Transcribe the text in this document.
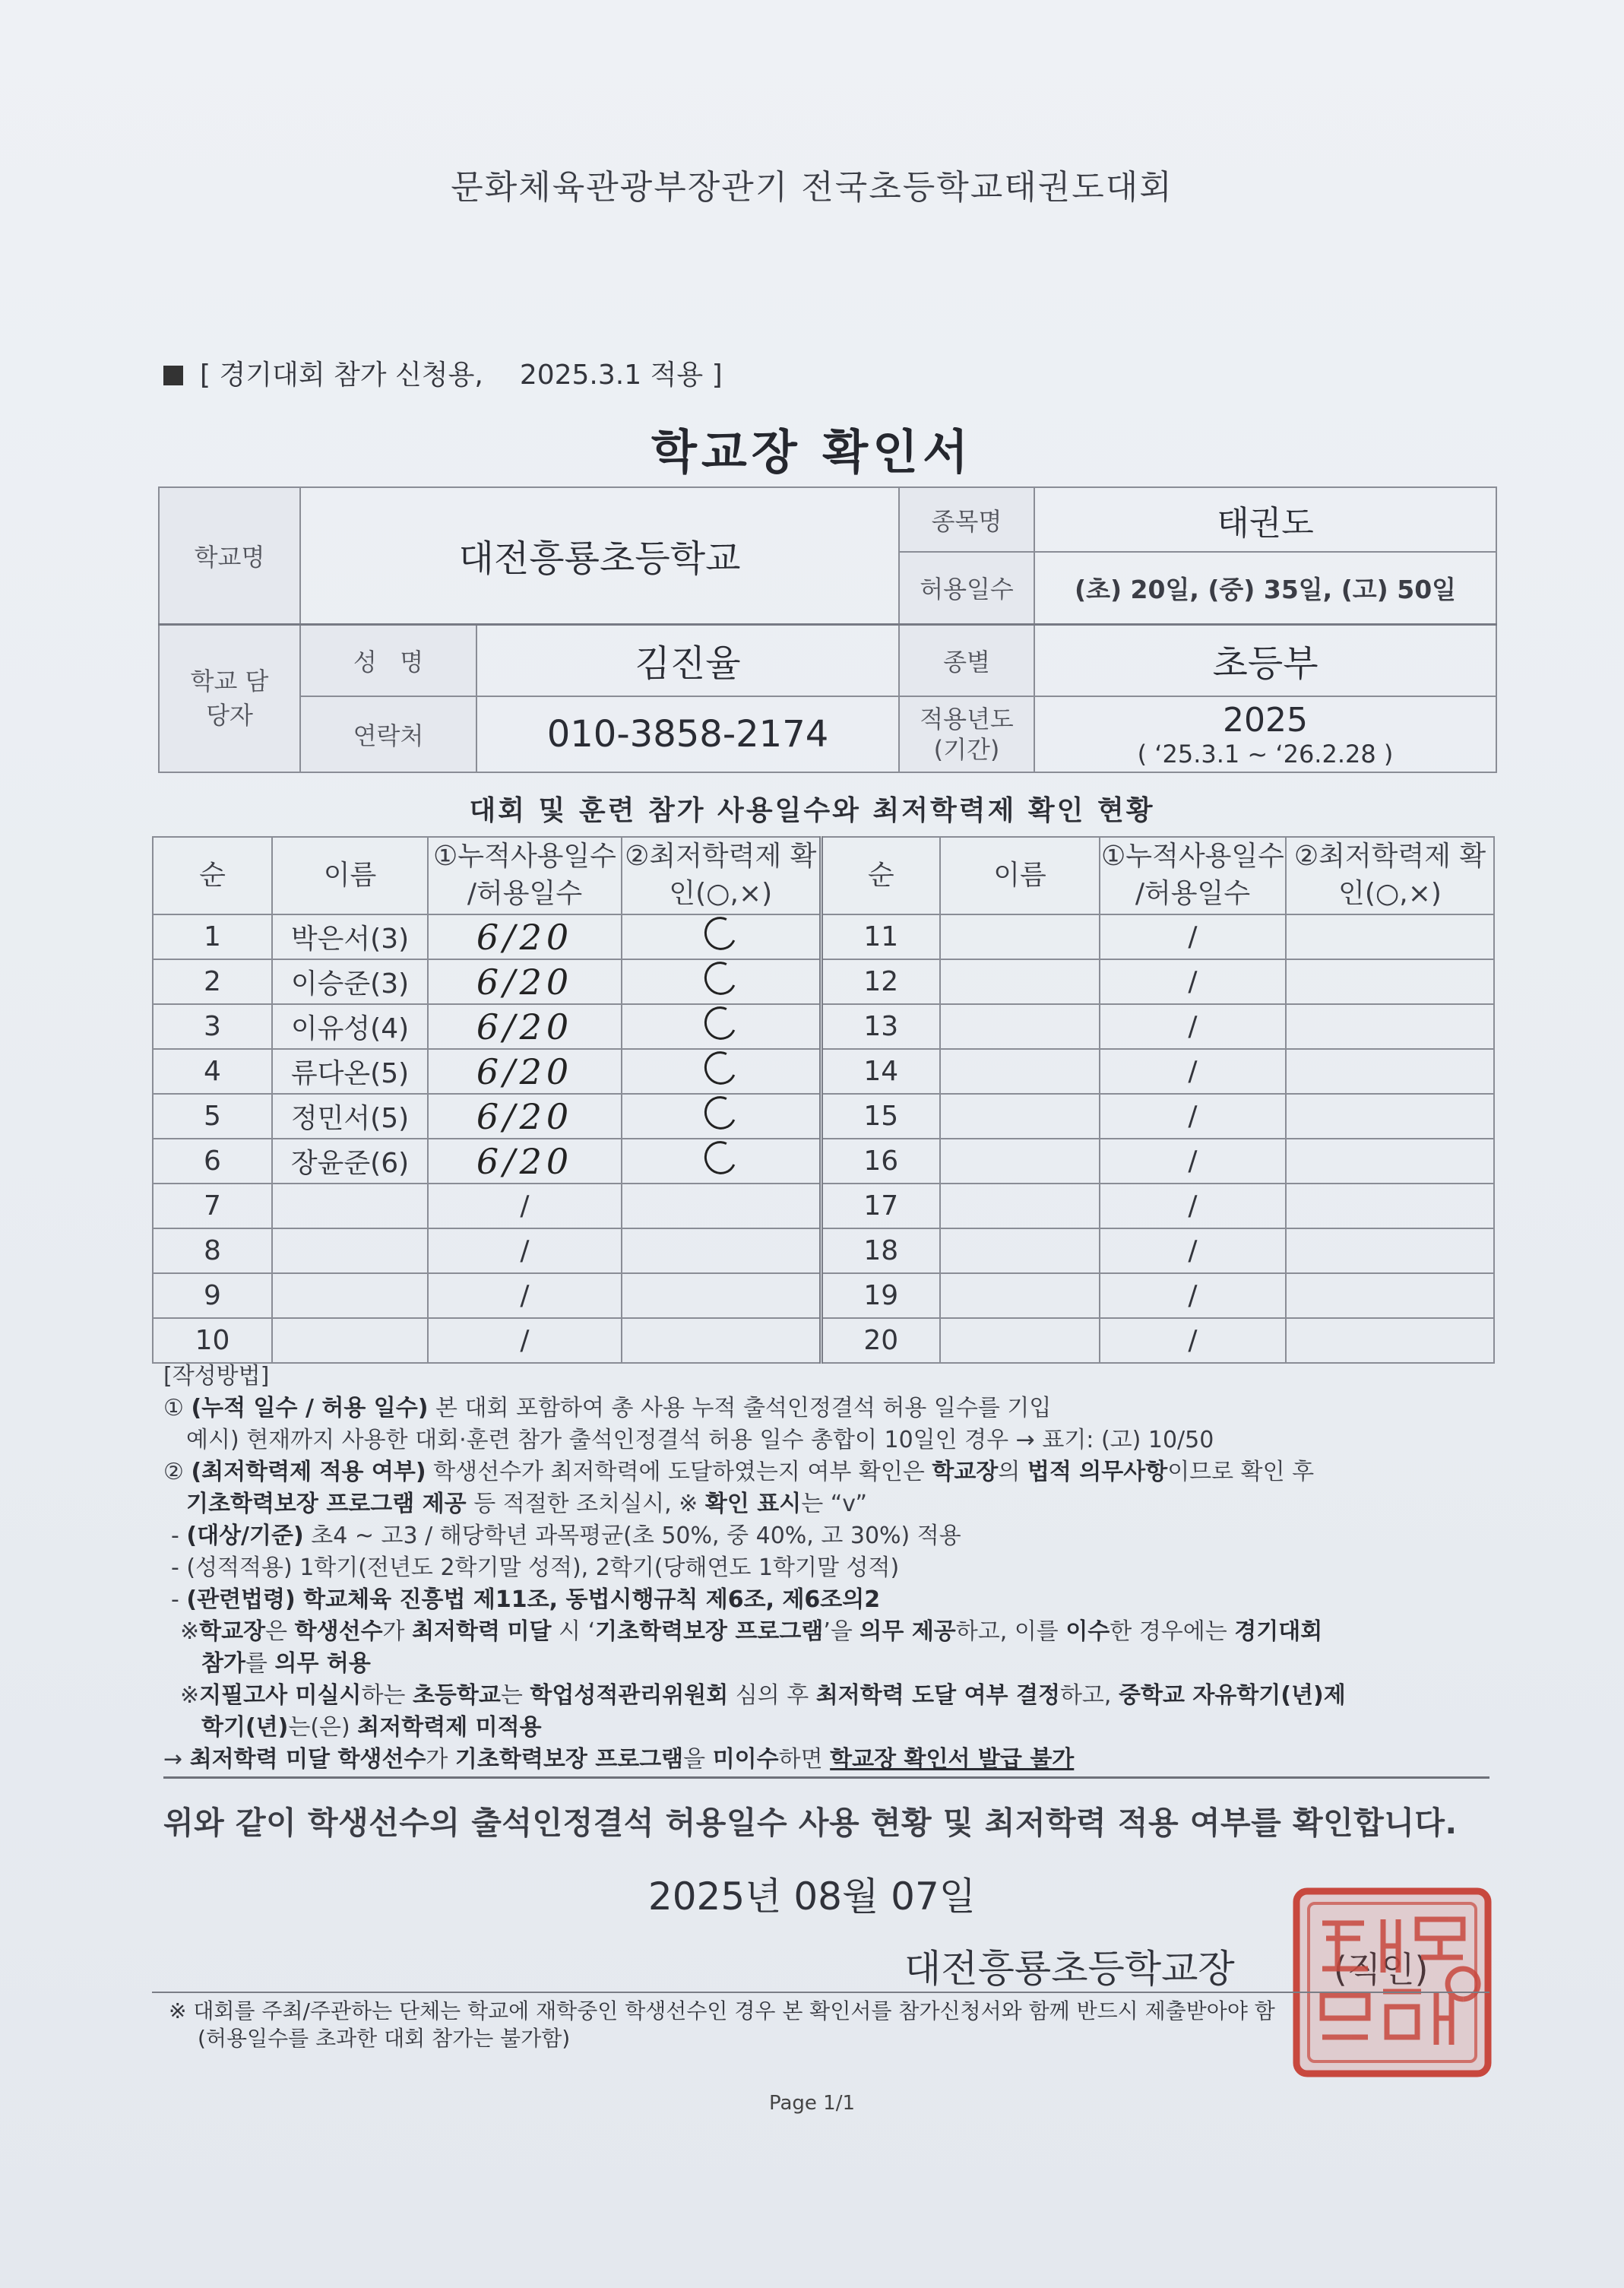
문화체육관광부장관기 전국초등학교태권도대회
[ 경기대회 참가 신청용, 2025.3.1 적용 ]
학교장 확인서
학교명	대전흥룡초등학교		종목명	태권도
			허용일수	(초) 20일, (중) 35일, (고) 50일
학교 담당자	성   명	김진율	종별	초등부
	연락처	010-3858-2174	적용년도 (기간)	2025
( ‘25.3.1 ~ ‘26.2.28 )
대회 및 훈련 참가 사용일수와 최저학력제 확인 현황
순	이름	①누적사용일수 /허용일수	②최저학력제 확인(○,×)	순	이름	①누적사용일수 /허용일수	②최저학력제 확인(○,×)
1	박은서(3)	6/20		11		/	
2	이승준(3)	6/20		12		/	
3	이유성(4)	6/20		13		/	
4	류다온(5)	6/20		14		/	
5	정민서(5)	6/20		15		/	
6	장윤준(6)	6/20		16		/	
7		/		17		/	
8		/		18		/	
9		/		19		/	
10		/		20		/	
[작성방법]
① (누적 일수 / 허용 일수) 본 대회 포함하여 총 사용 누적 출석인정결석 허용 일수를 기입
예시) 현재까지 사용한 대회·훈련 참가 출석인정결석 허용 일수 총합이 10일인 경우 → 표기: (고) 10/50
② (최저학력제 적용 여부) 학생선수가 최저학력에 도달하였는지 여부 확인은 학교장의 법적 의무사항이므로 확인 후
기초학력보장 프로그램 제공 등 적절한 조치실시, ※ 확인 표시는 “v”
- (대상/기준) 초4 ~ 고3 / 해당학년 과목평균(초 50%, 중 40%, 고 30%) 적용
- (성적적용) 1학기(전년도 2학기말 성적), 2학기(당해연도 1학기말 성적)
- (관련법령) 학교체육 진흥법 제11조, 동법시행규칙 제6조, 제6조의2
※학교장은 학생선수가 최저학력 미달 시 ‘기초학력보장 프로그램’을 의무 제공하고, 이를 이수한 경우에는 경기대회
참가를 의무 허용
※지필고사 미실시하는 초등학교는 학업성적관리위원회 심의 후 최저학력 도달 여부 결정하고, 중학교 자유학기(년)제
학기(년)는(은) 최저학력제 미적용
→ 최저학력 미달 학생선수가 기초학력보장 프로그램을 미이수하면 학교장 확인서 발급 불가
위와 같이 학생선수의 출석인정결석 허용일수 사용 현황 및 최저학력 적용 여부를 확인합니다.
2025년 08월 07일
대전흥룡초등학교장
※ 대회를 주최/주관하는 단체는 학교에 재학중인 학생선수인 경우 본 확인서를 참가신청서와 함께 반드시 제출받아야 함
(허용일수를 초과한 대회 참가는 불가함)
Page 1/1
